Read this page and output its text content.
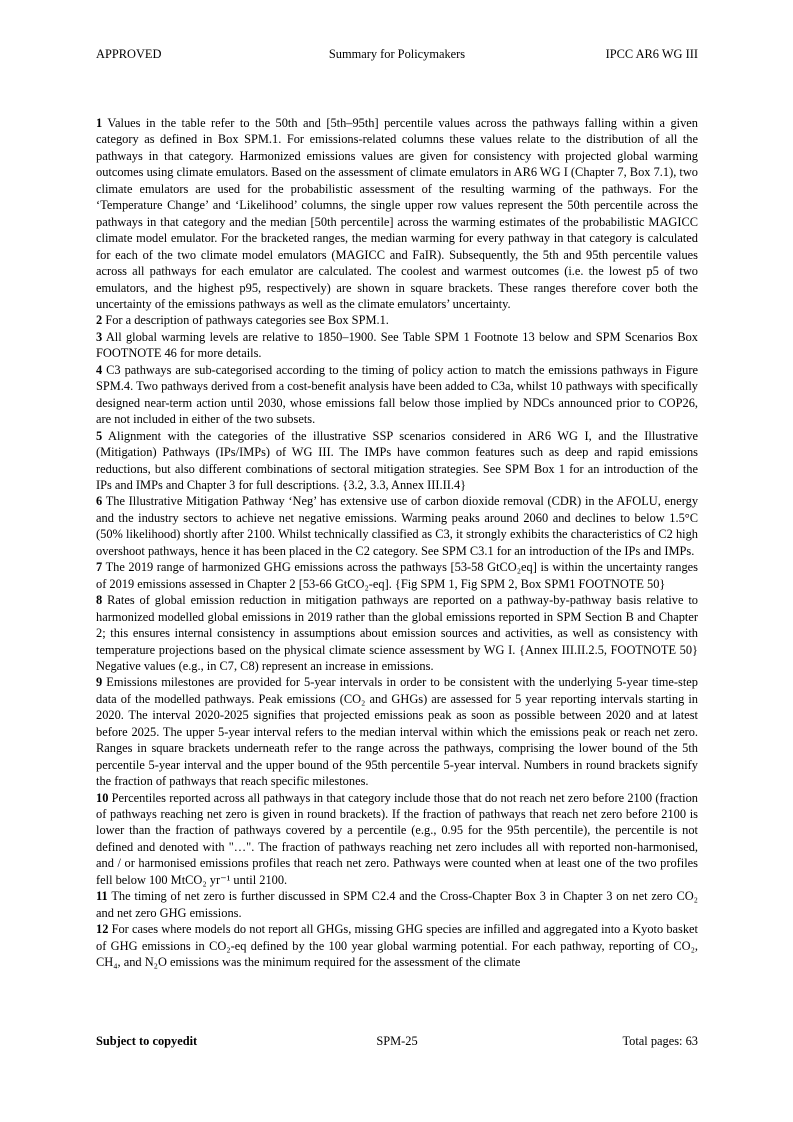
APPROVED	Summary for Policymakers	IPCC AR6 WG III

1 Values in the table refer to the 50th and [5th–95th] percentile values across the pathways falling within a given category as defined in Box SPM.1. For emissions-related columns these values relate to the distribution of all the pathways in that category. Harmonized emissions values are given for consistency with projected global warming outcomes using climate emulators. Based on the assessment of climate emulators in AR6 WG I (Chapter 7, Box 7.1), two climate emulators are used for the probabilistic assessment of the resulting warming of the pathways. For the ‘Temperature Change’ and ‘Likelihood’ columns, the single upper row values represent the 50th percentile across the pathways in that category and the median [50th percentile] across the warming estimates of the probabilistic MAGICC climate model emulator. For the bracketed ranges, the median warming for every pathway in that category is calculated for each of the two climate model emulators (MAGICC and FaIR). Subsequently, the 5th and 95th percentile values across all pathways for each emulator are calculated. The coolest and warmest outcomes (i.e. the lowest p5 of two emulators, and the highest p95, respectively) are shown in square brackets. These ranges therefore cover both the uncertainty of the emissions pathways as well as the climate emulators’ uncertainty.

2 For a description of pathways categories see Box SPM.1.

3 All global warming levels are relative to 1850–1900. See Table SPM 1 Footnote 13 below and SPM Scenarios Box FOOTNOTE 46 for more details.

4 C3 pathways are sub-categorised according to the timing of policy action to match the emissions pathways in Figure SPM.4. Two pathways derived from a cost-benefit analysis have been added to C3a, whilst 10 pathways with specifically designed near-term action until 2030, whose emissions fall below those implied by NDCs announced prior to COP26, are not included in either of the two subsets.

5 Alignment with the categories of the illustrative SSP scenarios considered in AR6 WG I, and the Illustrative (Mitigation) Pathways (IPs/IMPs) of WG III. The IMPs have common features such as deep and rapid emissions reductions, but also different combinations of sectoral mitigation strategies. See SPM Box 1 for an introduction of the IPs and IMPs and Chapter 3 for full descriptions. {3.2, 3.3, Annex III.II.4}

6 The Illustrative Mitigation Pathway ‘Neg’ has extensive use of carbon dioxide removal (CDR) in the AFOLU, energy and the industry sectors to achieve net negative emissions. Warming peaks around 2060 and declines to below 1.5°C (50% likelihood) shortly after 2100. Whilst technically classified as C3, it strongly exhibits the characteristics of C2 high overshoot pathways, hence it has been placed in the C2 category. See SPM C3.1 for an introduction of the IPs and IMPs.

7 The 2019 range of harmonized GHG emissions across the pathways [53-58 GtCO₂eq] is within the uncertainty ranges of 2019 emissions assessed in Chapter 2 [53-66 GtCO₂-eq]. {Fig SPM 1, Fig SPM 2, Box SPM1 FOOTNOTE 50}

8 Rates of global emission reduction in mitigation pathways are reported on a pathway-by-pathway basis relative to harmonized modelled global emissions in 2019 rather than the global emissions reported in SPM Section B and Chapter 2; this ensures internal consistency in assumptions about emission sources and activities, as well as consistency with temperature projections based on the physical climate science assessment by WG I. {Annex III.II.2.5, FOOTNOTE 50} Negative values (e.g., in C7, C8) represent an increase in emissions.

9 Emissions milestones are provided for 5-year intervals in order to be consistent with the underlying 5-year time-step data of the modelled pathways. Peak emissions (CO₂ and GHGs) are assessed for 5 year reporting intervals starting in 2020. The interval 2020-2025 signifies that projected emissions peak as soon as possible between 2020 and at latest before 2025. The upper 5-year interval refers to the median interval within which the emissions peak or reach net zero. Ranges in square brackets underneath refer to the range across the pathways, comprising the lower bound of the 5th percentile 5-year interval and the upper bound of the 95th percentile 5-year interval. Numbers in round brackets signify the fraction of pathways that reach specific milestones.

10 Percentiles reported across all pathways in that category include those that do not reach net zero before 2100 (fraction of pathways reaching net zero is given in round brackets). If the fraction of pathways that reach net zero before 2100 is lower than the fraction of pathways covered by a percentile (e.g., 0.95 for the 95th percentile), the percentile is not defined and denoted with "…". The fraction of pathways reaching net zero includes all with reported non-harmonised, and / or harmonised emissions profiles that reach net zero. Pathways were counted when at least one of the two profiles fell below 100 MtCO₂ yr⁻¹ until 2100.

11 The timing of net zero is further discussed in SPM C2.4 and the Cross-Chapter Box 3 in Chapter 3 on net zero CO₂ and net zero GHG emissions.

12 For cases where models do not report all GHGs, missing GHG species are infilled and aggregated into a Kyoto basket of GHG emissions in CO₂-eq defined by the 100 year global warming potential. For each pathway, reporting of CO₂, CH₄, and N₂O emissions was the minimum required for the assessment of the climate

Subject to copyedit	SPM-25	Total pages: 63
